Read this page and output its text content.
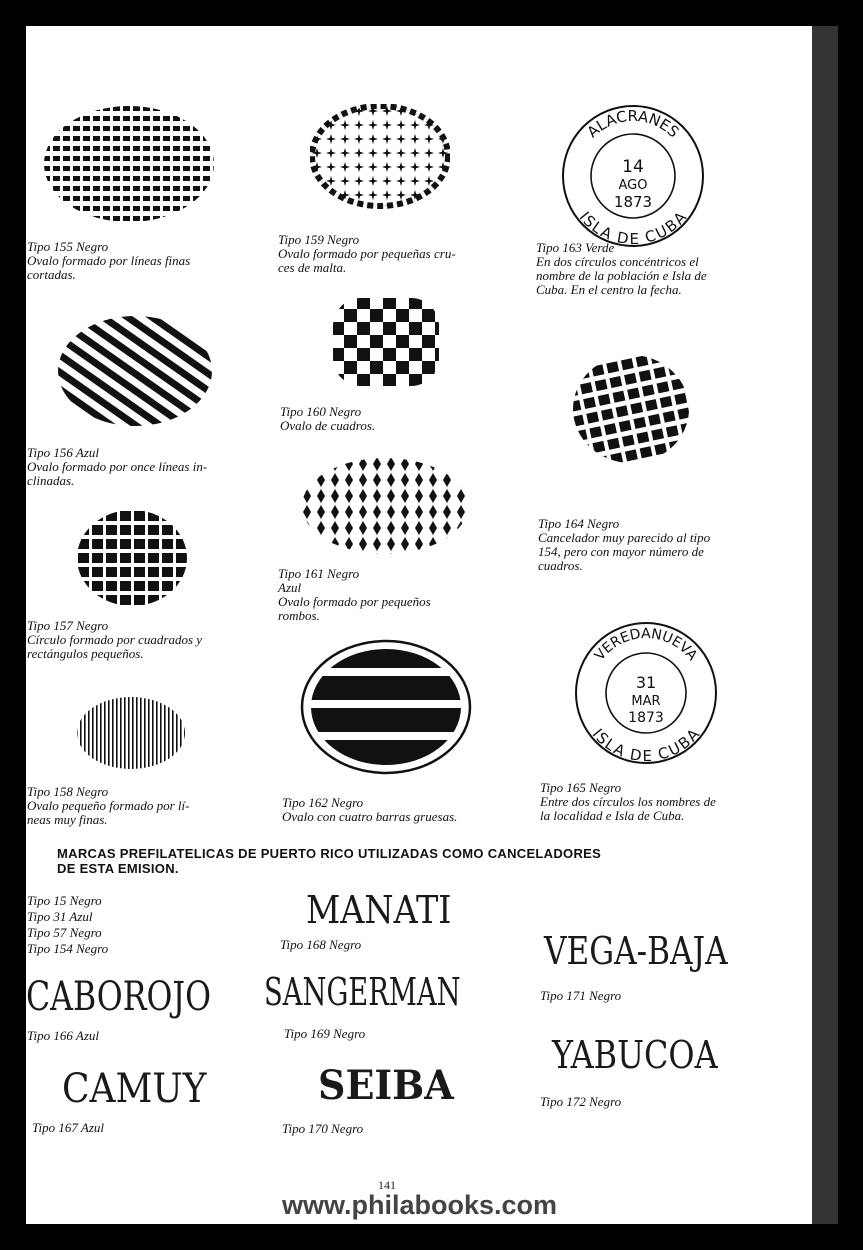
Tipo 155 Negro
Ovalo formado por líneas finas
cortadas.
Tipo 159 Negro
Ovalo formado por pequeñas cru-
ces de malta.
ALACRANES
ISLA DE CUBA
14
AGO
1873
Tipo 163 Verde
En dos círculos concéntricos el
nombre de la población e Isla de
Cuba. En el centro la fecha.
Tipo 156 Azul
Ovalo formado por once líneas in-
clinadas.
Tipo 160 Negro
Ovalo de cuadros.
Tipo 164 Negro
Cancelador muy parecido al tipo
154, pero con mayor número de
cuadros.
Tipo 157 Negro
Círculo formado por cuadrados y
rectángulos pequeños.
Tipo 161 Negro
Azul
Ovalo formado por pequeños
rombos.
VEREDANUEVA
ISLA DE CUBA
31
MAR
1873
Tipo 165 Negro
Entre dos círculos los nombres de
la localidad e Isla de Cuba.
Tipo 158 Negro
Ovalo pequeño formado por lí-
neas muy finas.
Tipo 162 Negro
Ovalo con cuatro barras gruesas.
MARCAS PREFILATELICAS DE PUERTO RICO UTILIZADAS COMO CANCELADORES
DE ESTA EMISION.
Tipo 15 Negro
Tipo 31 Azul
Tipo 57 Negro
Tipo 154 Negro
MANATI
Tipo 168 Negro	VEGA-BAJA
Tipo 171 Negro
CABOROJO
Tipo 166 Azul
SANGERMAN
Tipo 169 Negro	YABUCOA
Tipo 172 Negro
CAMUY
Tipo 167 Azul
SEIBA
Tipo 170 Negro
141
www.philabooks.com
